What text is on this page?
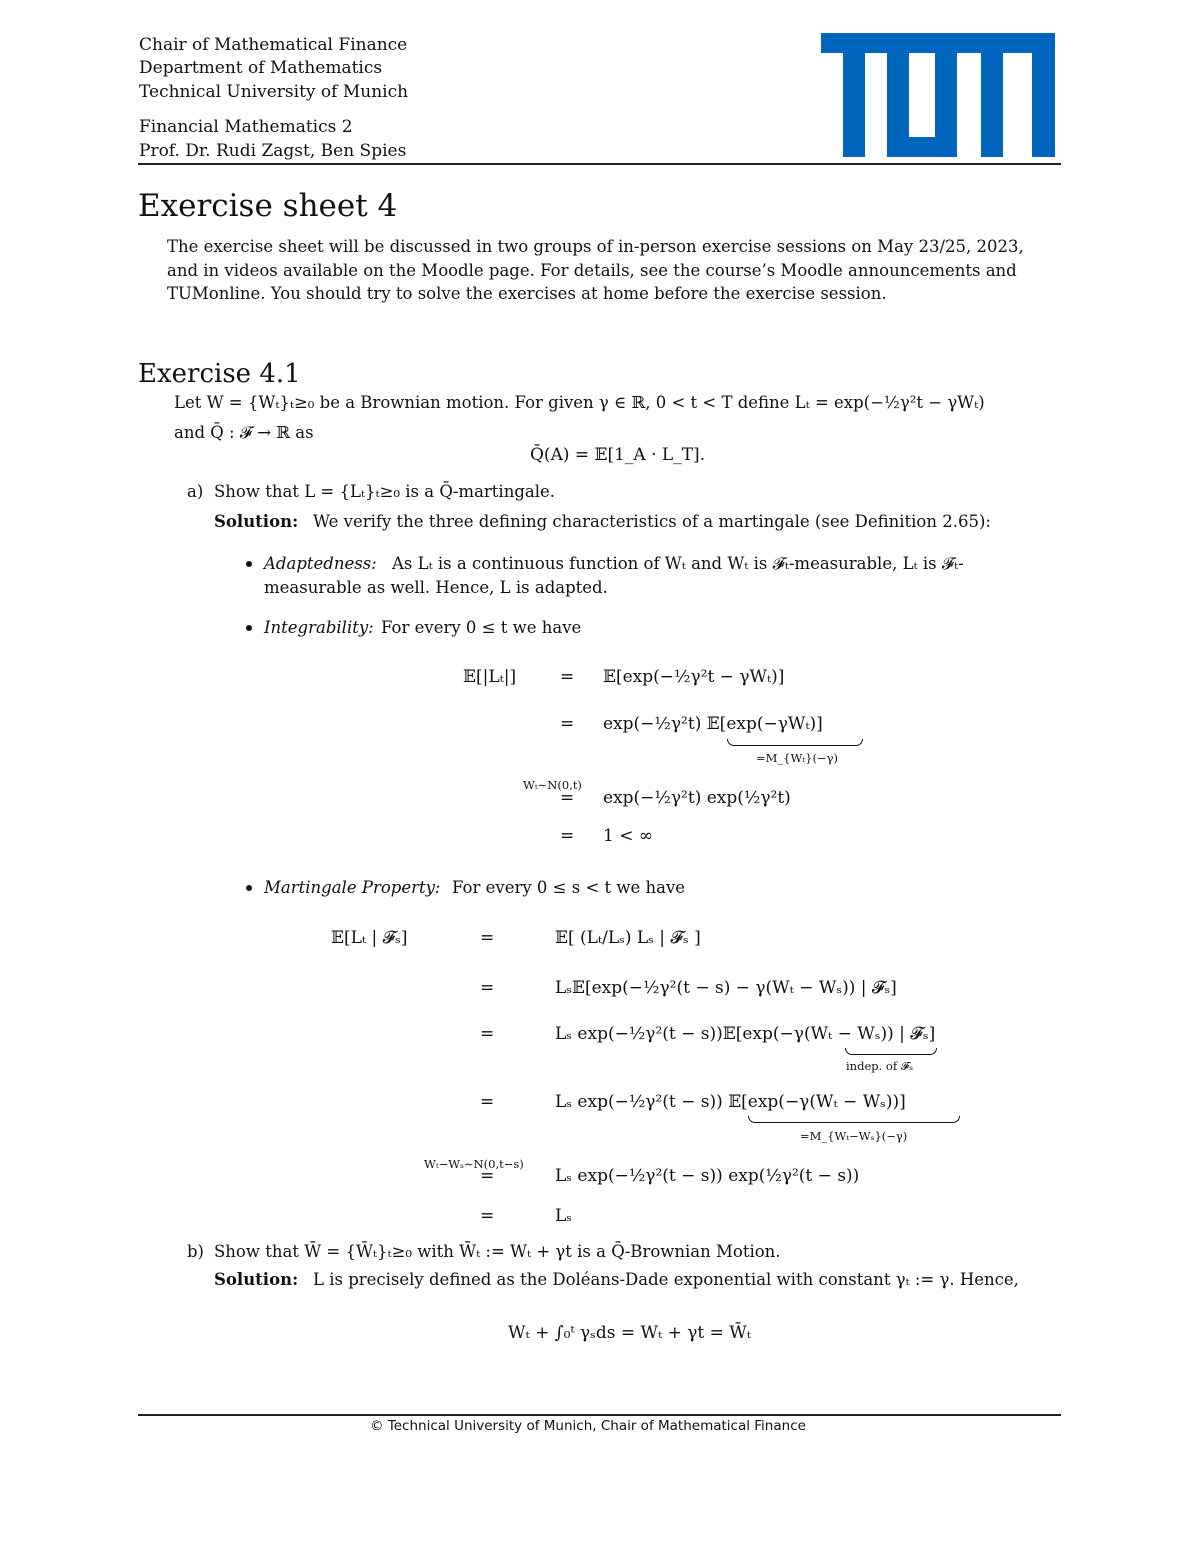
Chair of Mathematical Finance
Department of Mathematics
Technical University of Munich
Financial Mathematics 2
Prof. Dr. Rudi Zagst, Ben Spies
Exercise sheet 4
The exercise sheet will be discussed in two groups of in-person exercise sessions on May 23/25, 2023,
and in videos available on the Moodle page. For details, see the course’s Moodle announcements and
TUMonline. You should try to solve the exercises at home before the exercise session.
Exercise 4.1
Let W = {Wₜ}ₜ≥₀ be a Brownian motion. For given γ ∈ ℝ, 0 < t < T define Lₜ = exp(−½γ²t − γWₜ)
and Q̄ : 𝓕 → ℝ as
Q̄(A) = 𝔼[1_A · L_T].
a) Show that L = {Lₜ}ₜ≥₀ is a Q̄-martingale.
Solution: We verify the three defining characteristics of a martingale (see Definition 2.65):
Adaptedness: As Lₜ is a continuous function of Wₜ and Wₜ is 𝓕ₜ-measurable, Lₜ is 𝓕ₜ-
measurable as well. Hence, L is adapted.
Integrability: For every 0 ≤ t we have
𝔼[|Lₜ|]	= 𝔼[exp(−½γ²t − γWₜ)]
= exp(−½γ²t) 𝔼[exp(−γWₜ)]
=M_{Wₜ}(−γ)
Wₜ∼N(0,t)
= exp(−½γ²t) exp(½γ²t)
= 1 < ∞
Martingale Property: For every 0 ≤ s < t we have
𝔼[Lₜ | 𝓕ₛ]	=	𝔼[ (Lₜ/Lₛ) Lₛ | 𝓕ₛ ]
=	Lₛ𝔼[exp(−½γ²(t − s) − γ(Wₜ − Wₛ)) | 𝓕ₛ]
=	Lₛ exp(−½γ²(t − s))𝔼[exp(−γ(Wₜ − Wₛ)) | 𝓕ₛ]
indep. of 𝓕ₛ
=	Lₛ exp(−½γ²(t − s)) 𝔼[exp(−γ(Wₜ − Wₛ))]
=M_{Wₜ−Wₛ}(−γ)
Wₜ−Wₛ∼N(0,t−s)
=	Lₛ exp(−½γ²(t − s)) exp(½γ²(t − s))
=	Lₛ
b) Show that W̄ = {W̄ₜ}ₜ≥₀ with W̄ₜ := Wₜ + γt is a Q̄-Brownian Motion.
Solution: L is precisely defined as the Doléans-Dade exponential with constant γₜ := γ. Hence,
Wₜ + ∫₀ᵗ γₛds = Wₜ + γt = W̄ₜ
© Technical University of Munich, Chair of Mathematical Finance
